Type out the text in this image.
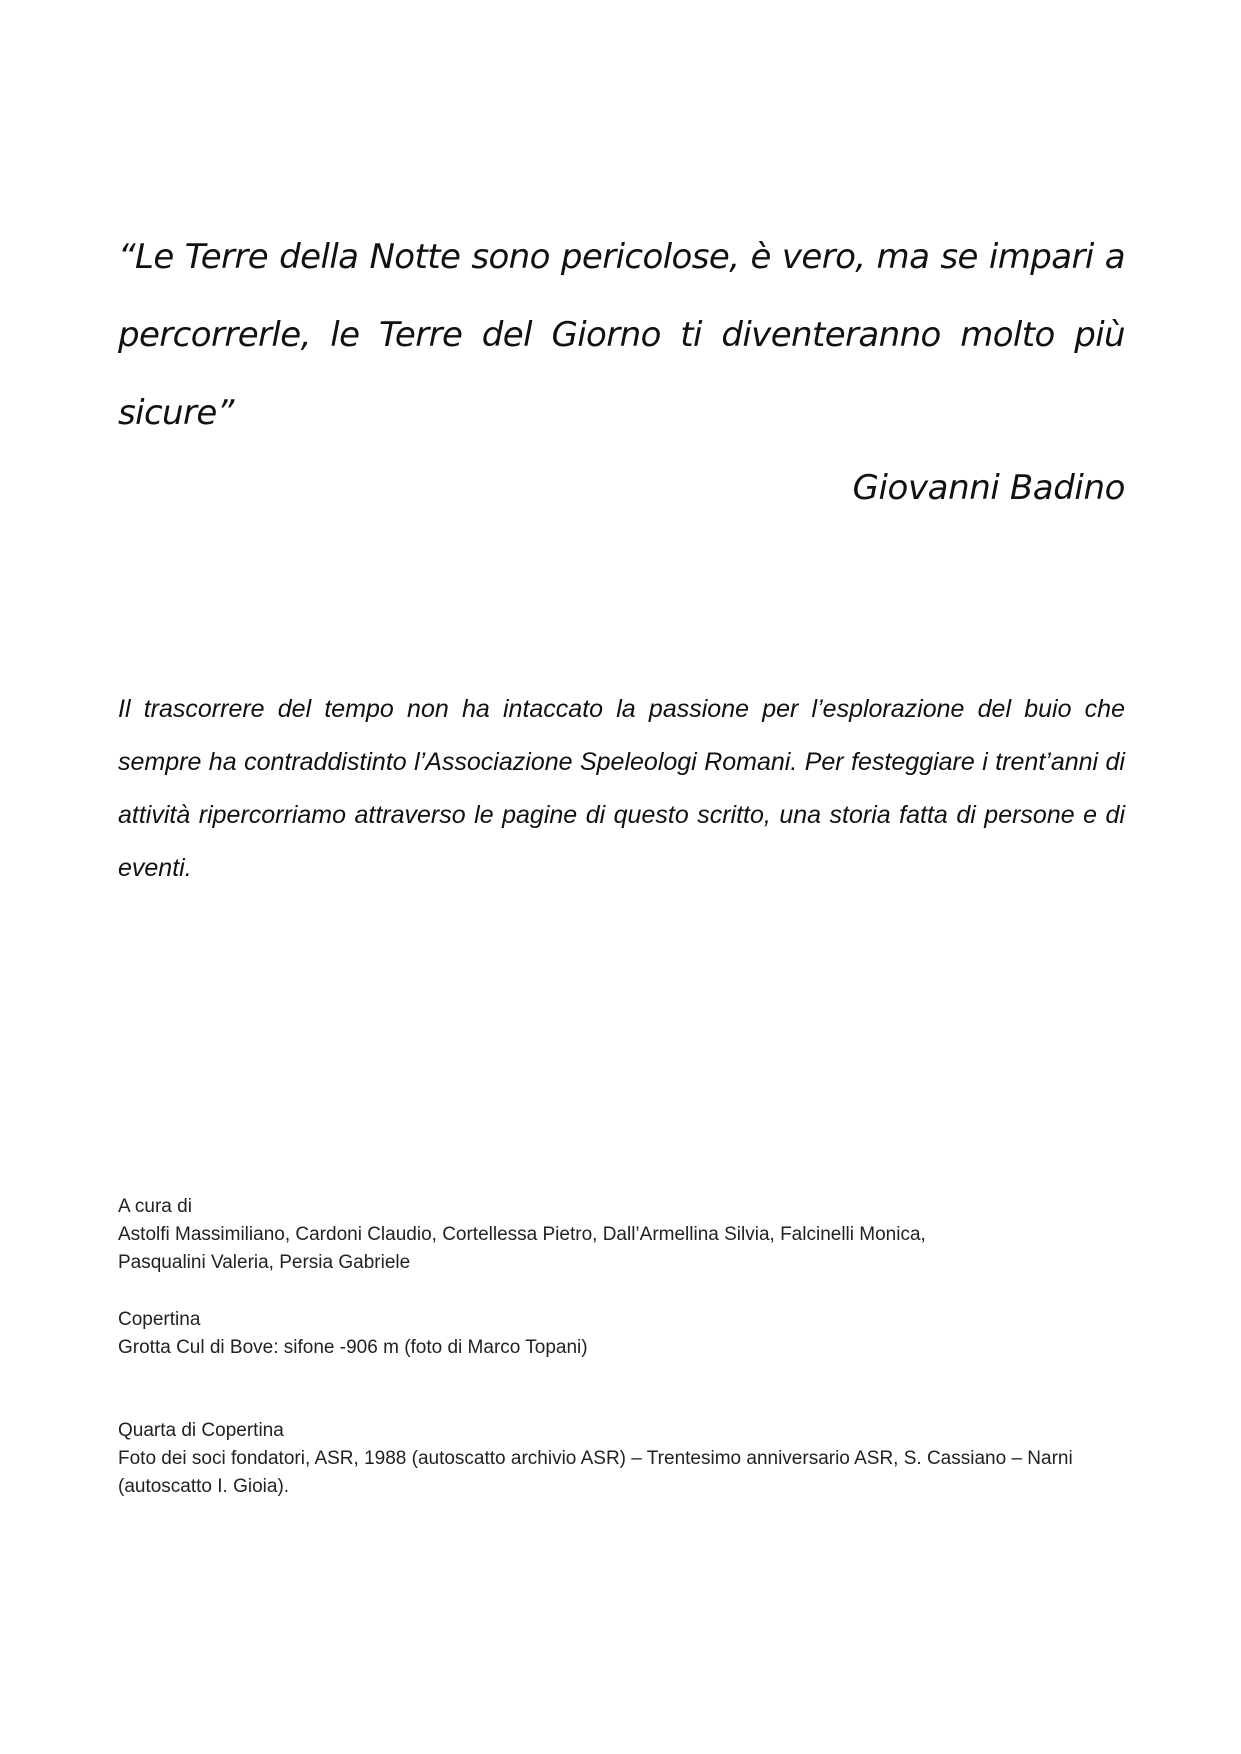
“Le Terre della Notte sono pericolose, è vero, ma se impari a percorrerle, le Terre del Giorno ti diventeranno molto più sicure”

Giovanni Badino

Il trascorrere del tempo non ha intaccato la passione per l’esplorazione del buio che sempre ha contraddistinto l’Associazione Speleologi Romani. Per festeggiare i trent’anni di attività ripercorriamo attraverso le pagine di questo scritto, una storia fatta di persone e di eventi.

A cura di

Astolfi Massimiliano, Cardoni Claudio, Cortellessa Pietro, Dall’Armellina Silvia, Falcinelli Monica,

Pasqualini Valeria, Persia Gabriele

Copertina

Grotta Cul di Bove: sifone -906 m (foto di Marco Topani)

Quarta di Copertina

Foto dei soci fondatori, ASR, 1988 (autoscatto archivio ASR) – Trentesimo anniversario ASR, S. Cassiano – Narni (autoscatto I. Gioia).
